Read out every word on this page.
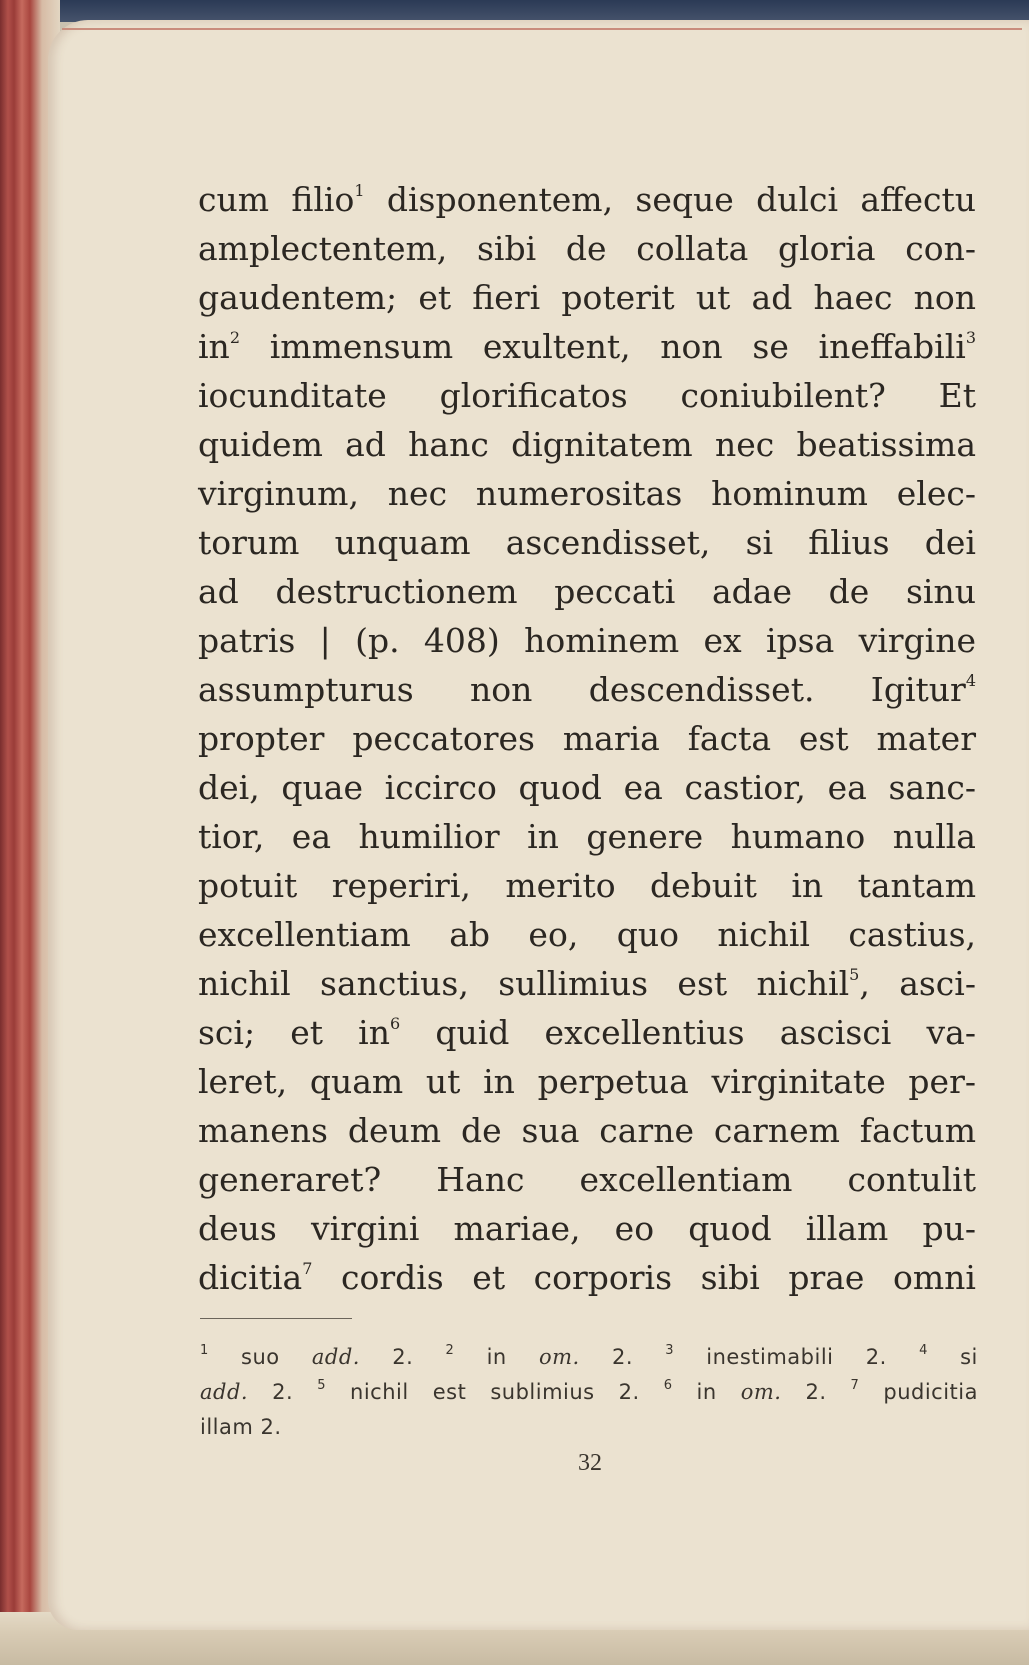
cum filio$^1$ disponentem, seque dulci affectu
amplectentem, sibi de collata gloria con-
gaudentem; et fieri poterit ut ad haec non
$in^2$ immensum exultent, non se ineffabili$^3$
iocunditate glorificatos coniubilent? Et
quidem ad hanc dignitatem nec beatissima
virginum, nec numerositas hominum elec-
torum unquam ascendisset, si filius dei
ad destructionem peccati adae de sinu
patris | (p. 408) hominem ex ipsa virgine
assumpturus non descendisset. Igitur$^4$
propter peccatores maria facta est mater
dei, quae iccirco quod ea castior, ea sanc-
tior, ea humilior in genere humano nulla
potuit reperiri, merito debuit in tantam
excellentiam ab eo, quo nichil castius,
nichil sanctius, sullimius est nichil$^5$, asci-
sci; et $in^6$ quid excellentius ascisci va-
leret, quam ut in perpetua virginitate per-
manens deum de sua carne carnem factum
generaret? Hanc excellentiam contulit
deus virgini mariae, eo quod illam pu-
dicitia$^7$ cordis et corporis sibi prae omni
$^1$ suo add. 2. $^2$ in om. 2. $^3$ inestimabili 2. $^4$ si
add. 2. $^5$ nichil est sublimius 2. $^6$ in om. 2. $^7$ pudicitia
illam 2.
32
